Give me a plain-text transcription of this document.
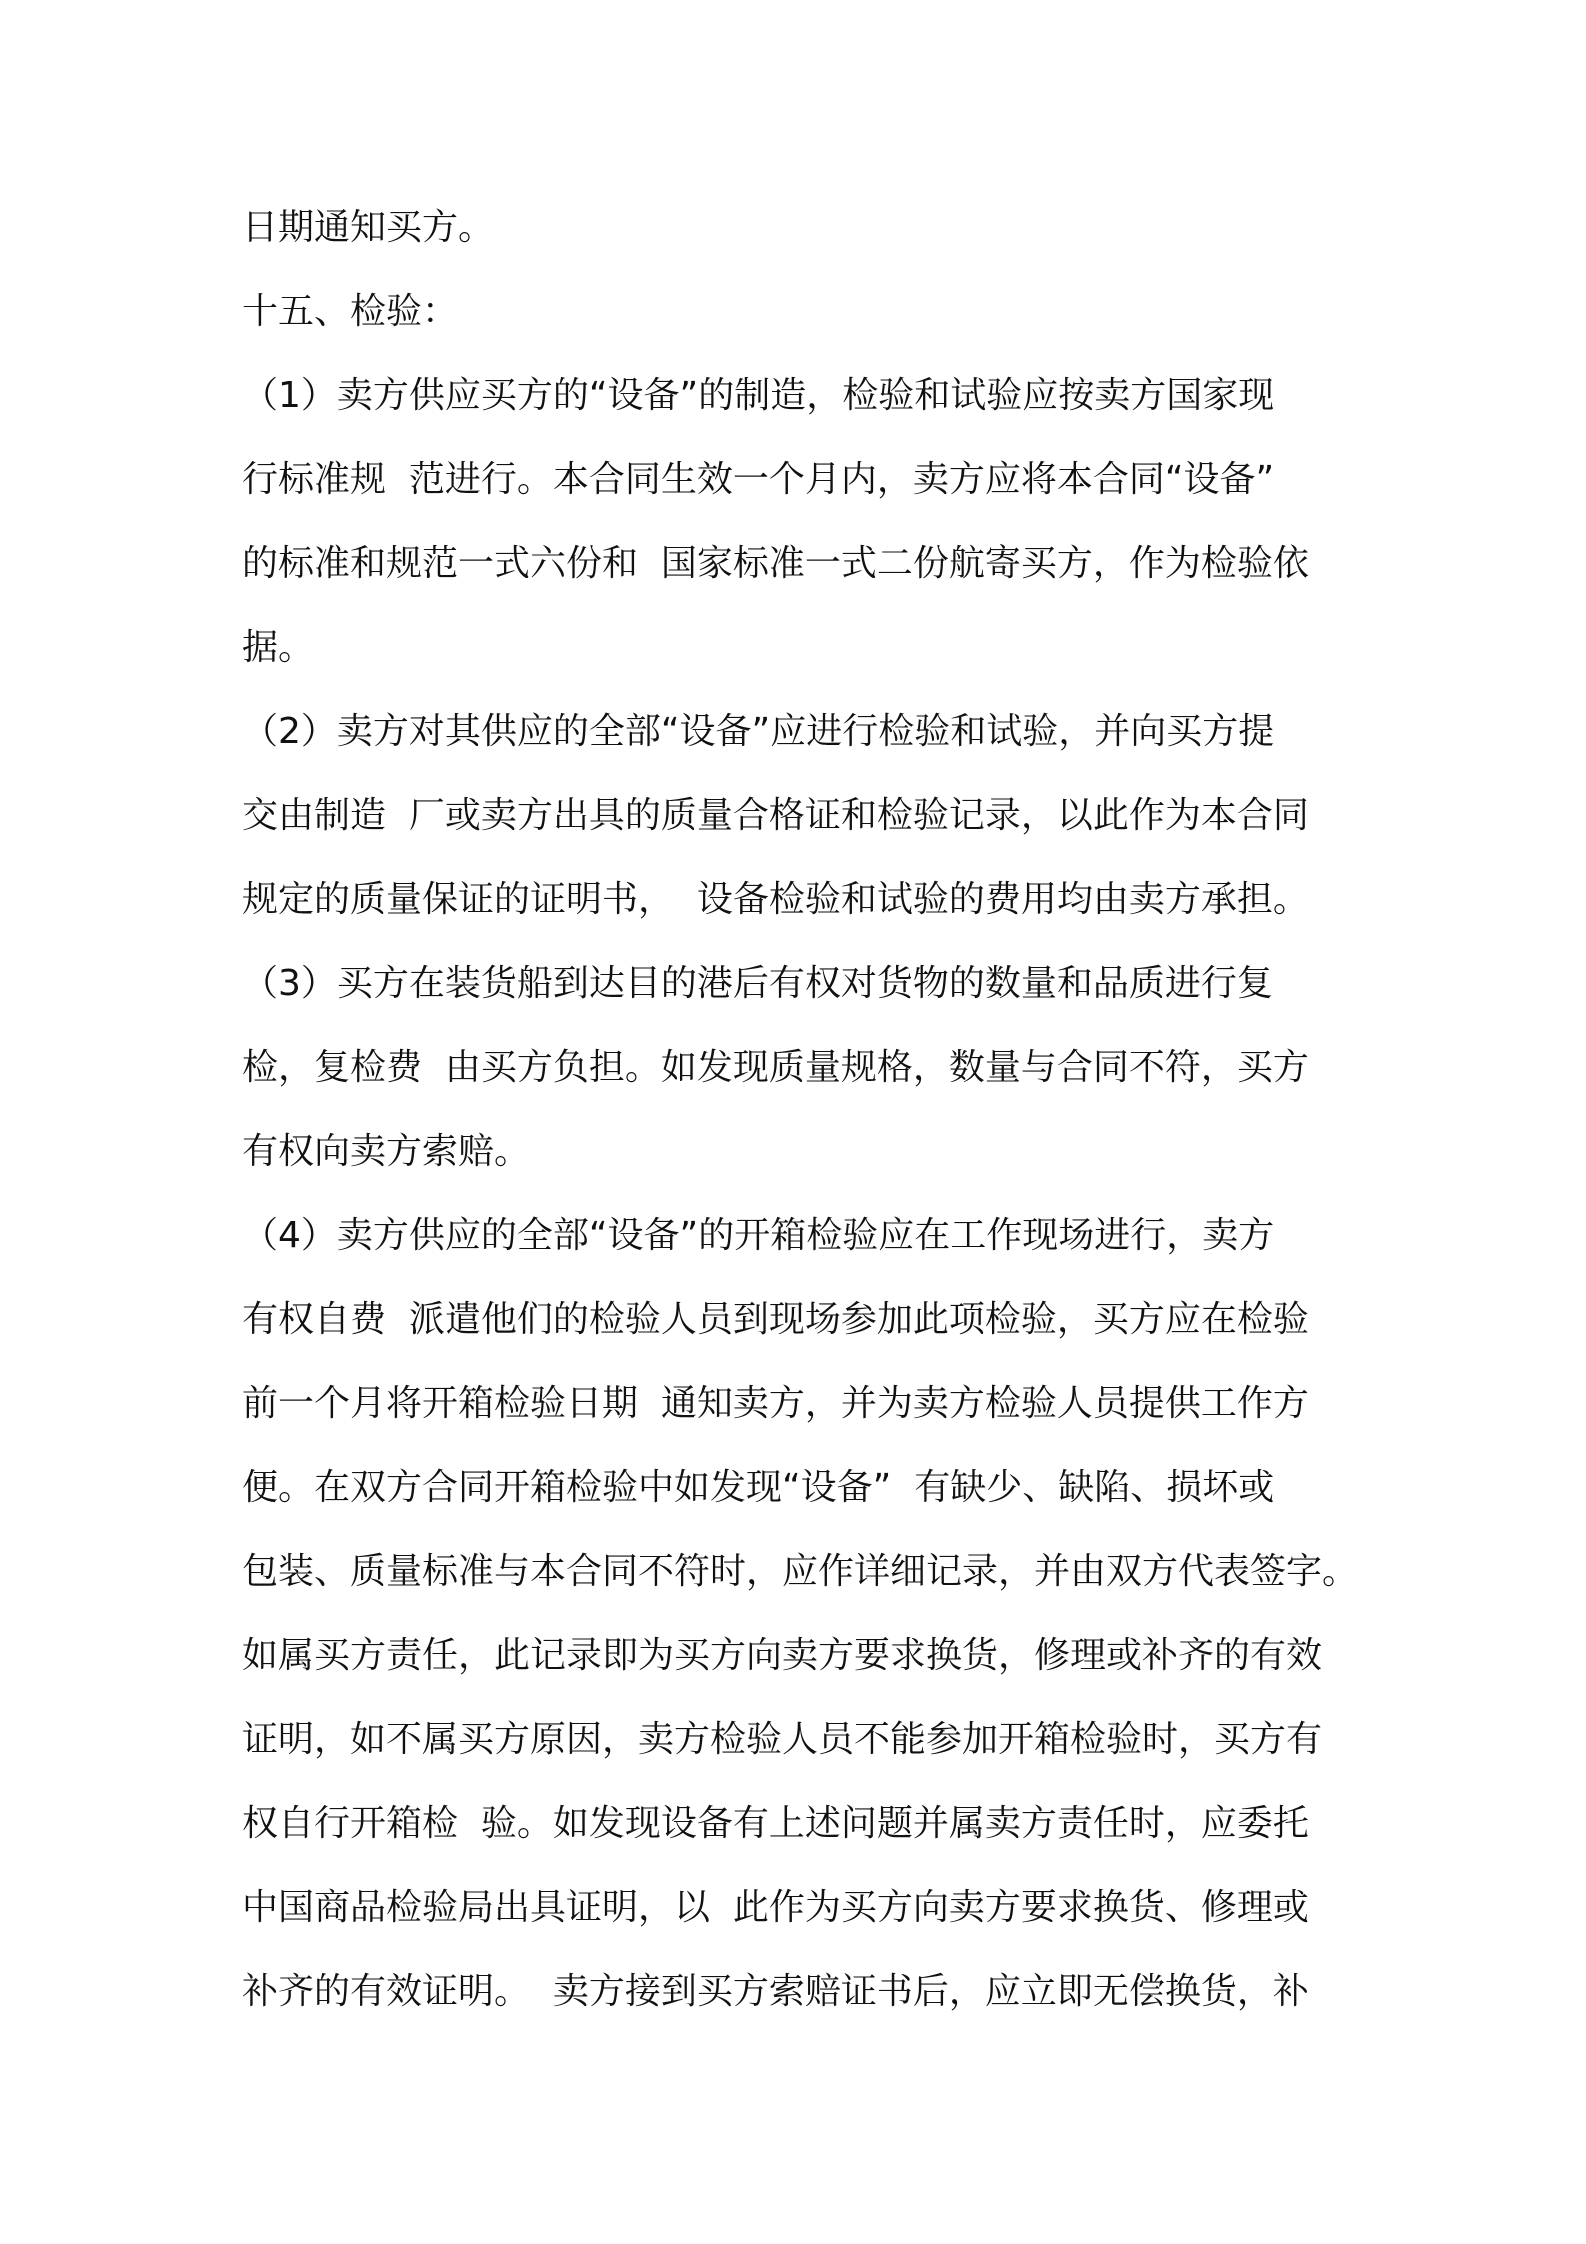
日期通知买方。
十五、检验：
（1）卖方供应买方的“设备”的制造，检验和试验应按卖方国家现
行标准规  范进行。本合同生效一个月内，卖方应将本合同“设备”
的标准和规范一式六份和  国家标准一式二份航寄买方，作为检验依
据。
（2）卖方对其供应的全部“设备”应进行检验和试验，并向买方提
交由制造  厂或卖方出具的质量合格证和检验记录，以此作为本合同
规定的质量保证的证明书，  设备检验和试验的费用均由卖方承担。
（3）买方在装货船到达目的港后有权对货物的数量和品质进行复
检，复检费  由买方负担。如发现质量规格，数量与合同不符，买方
有权向卖方索赔。
（4）卖方供应的全部“设备”的开箱检验应在工作现场进行，卖方
有权自费  派遣他们的检验人员到现场参加此项检验，买方应在检验
前一个月将开箱检验日期  通知卖方，并为卖方检验人员提供工作方
便。在双方合同开箱检验中如发现“设备”  有缺少、缺陷、损坏或
包装、质量标准与本合同不符时，应作详细记录，并由双方代表签字。
如属买方责任，此记录即为买方向卖方要求换货，修理或补齐的有效
证明，如不属买方原因，卖方检验人员不能参加开箱检验时，买方有
权自行开箱检  验。如发现设备有上述问题并属卖方责任时，应委托
中国商品检验局出具证明，以  此作为买方向卖方要求换货、修理或
补齐的有效证明。  卖方接到买方索赔证书后，应立即无偿换货，补
